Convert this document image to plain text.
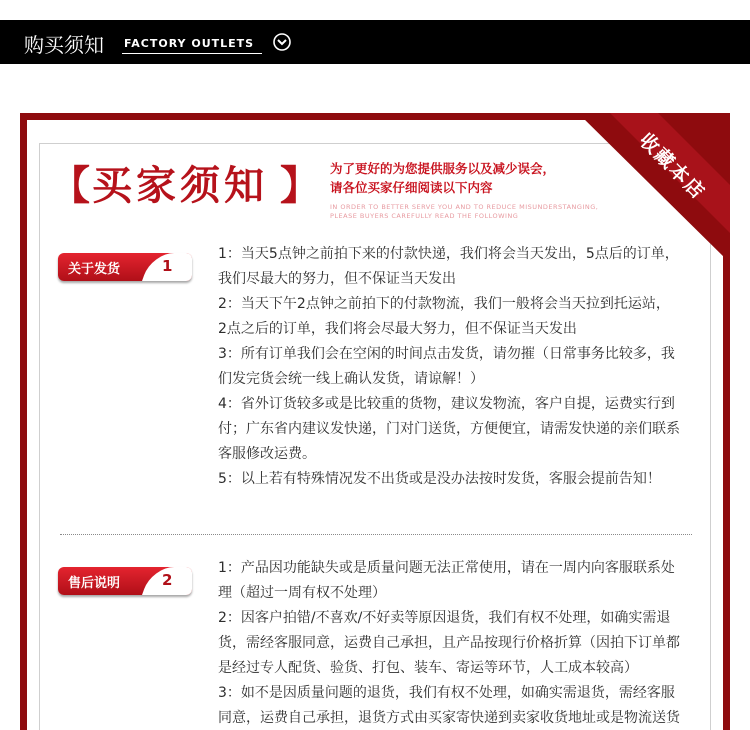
购买须知 FACTORY OUTLETS
收藏本店
【 买家须知 】 为了更好的为您提供服务以及减少误会，
请各位买家仔细阅读以下内容
IN ORDER TO BETTER SERVE YOU AND TO REDUCE MISUNDERSTANGING,
PLEASE BUYERS CAREFULLY READ THE FOLLOWING
关于发货	1
1：当天5点钟之前拍下来的付款快递，我们将会当天发出，5点后的订单，
我们尽最大的努力，但不保证当天发出
2：当天下午2点钟之前拍下的付款物流，我们一般将会当天拉到托运站，
2点之后的订单，我们将会尽最大努力，但不保证当天发出
3：所有订单我们会在空闲的时间点击发货，请勿摧（日常事务比较多，我
们发完货会统一线上确认发货，请谅解！）
4：省外订货较多或是比较重的货物，建议发物流，客户自提，运费实行到
付；广东省内建议发快递，门对门送货，方便便宜，请需发快递的亲们联系
客服修改运费。
5：以上若有特殊情况发不出货或是没办法按时发货，客服会提前告知！
售后说明	2
1：产品因功能缺失或是质量问题无法正常使用，请在一周内向客服联系处
理（超过一周有权不处理）
2：因客户拍错/不喜欢/不好卖等原因退货，我们有权不处理，如确实需退
货，需经客服同意，运费自己承担，且产品按现行价格折算（因拍下订单都
是经过专人配货、验货、打包、装车、寄运等环节，人工成本较高）
3：如不是因质量问题的退货，我们有权不处理，如确实需退货，需经客服
同意，运费自己承担，退货方式由买家寄快递到卖家收货地址或是物流送货
